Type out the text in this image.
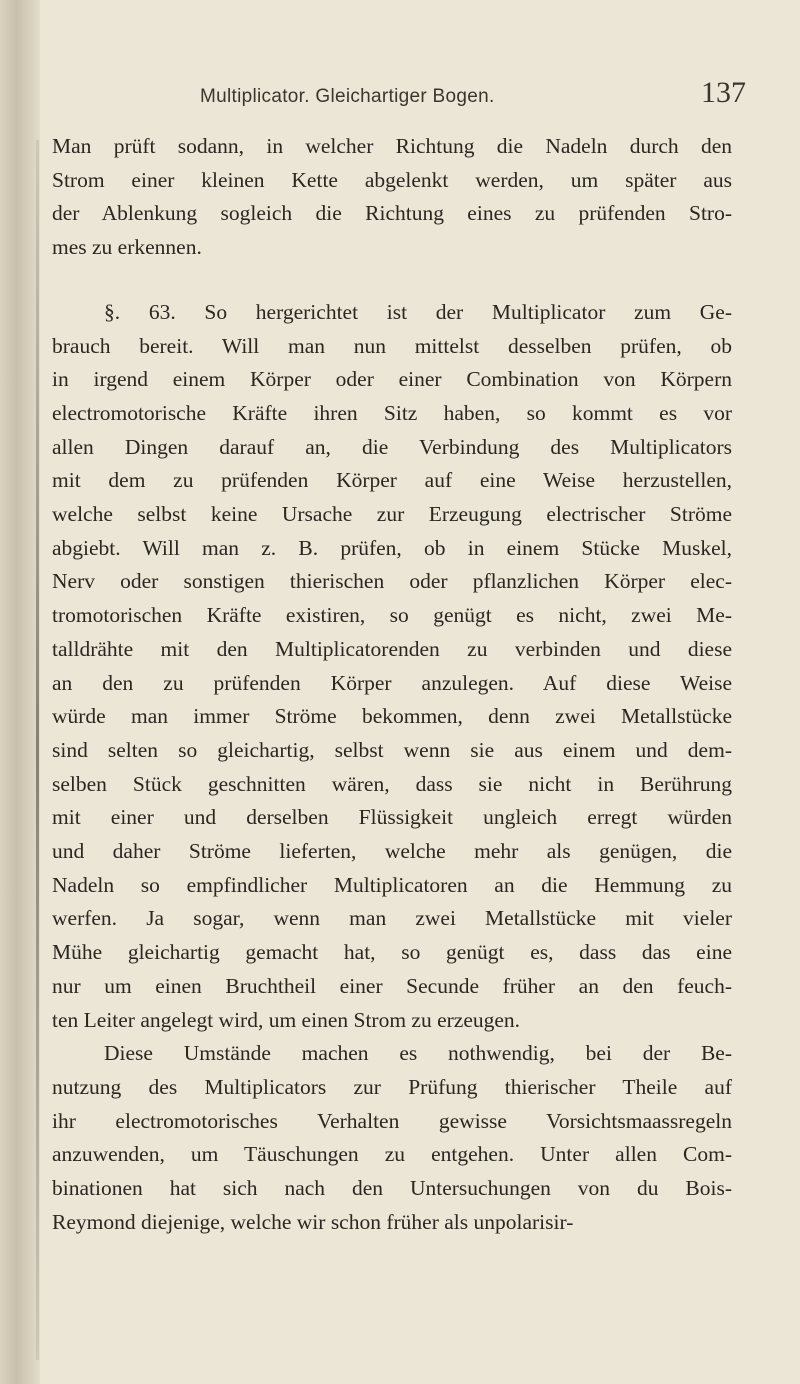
Multiplicator. Gleichartiger Bogen.	137
Man prüft sodann, in welcher Richtung die Nadeln durch den
Strom einer kleinen Kette abgelenkt werden, um später aus
der Ablenkung sogleich die Richtung eines zu prüfenden Stro-
mes zu erkennen.
§. 63. So hergerichtet ist der Multiplicator zum Ge-
brauch bereit. Will man nun mittelst desselben prüfen, ob
in irgend einem Körper oder einer Combination von Körpern
electromotorische Kräfte ihren Sitz haben, so kommt es vor
allen Dingen darauf an, die Verbindung des Multiplicators
mit dem zu prüfenden Körper auf eine Weise herzustellen,
welche selbst keine Ursache zur Erzeugung electrischer Ströme
abgiebt. Will man z. B. prüfen, ob in einem Stücke Muskel,
Nerv oder sonstigen thierischen oder pflanzlichen Körper elec-
tromotorischen Kräfte existiren, so genügt es nicht, zwei Me-
talldrähte mit den Multiplicatorenden zu verbinden und diese
an den zu prüfenden Körper anzulegen. Auf diese Weise
würde man immer Ströme bekommen, denn zwei Metallstücke
sind selten so gleichartig, selbst wenn sie aus einem und dem-
selben Stück geschnitten wären, dass sie nicht in Berührung
mit einer und derselben Flüssigkeit ungleich erregt würden
und daher Ströme lieferten, welche mehr als genügen, die
Nadeln so empfindlicher Multiplicatoren an die Hemmung zu
werfen. Ja sogar, wenn man zwei Metallstücke mit vieler
Mühe gleichartig gemacht hat, so genügt es, dass das eine
nur um einen Bruchtheil einer Secunde früher an den feuch-
ten Leiter angelegt wird, um einen Strom zu erzeugen.
Diese Umstände machen es nothwendig, bei der Be-
nutzung des Multiplicators zur Prüfung thierischer Theile auf
ihr electromotorisches Verhalten gewisse Vorsichtsmaassregeln
anzuwenden, um Täuschungen zu entgehen. Unter allen Com-
binationen hat sich nach den Untersuchungen von du Bois-
Reymond diejenige, welche wir schon früher als unpolarisir-
